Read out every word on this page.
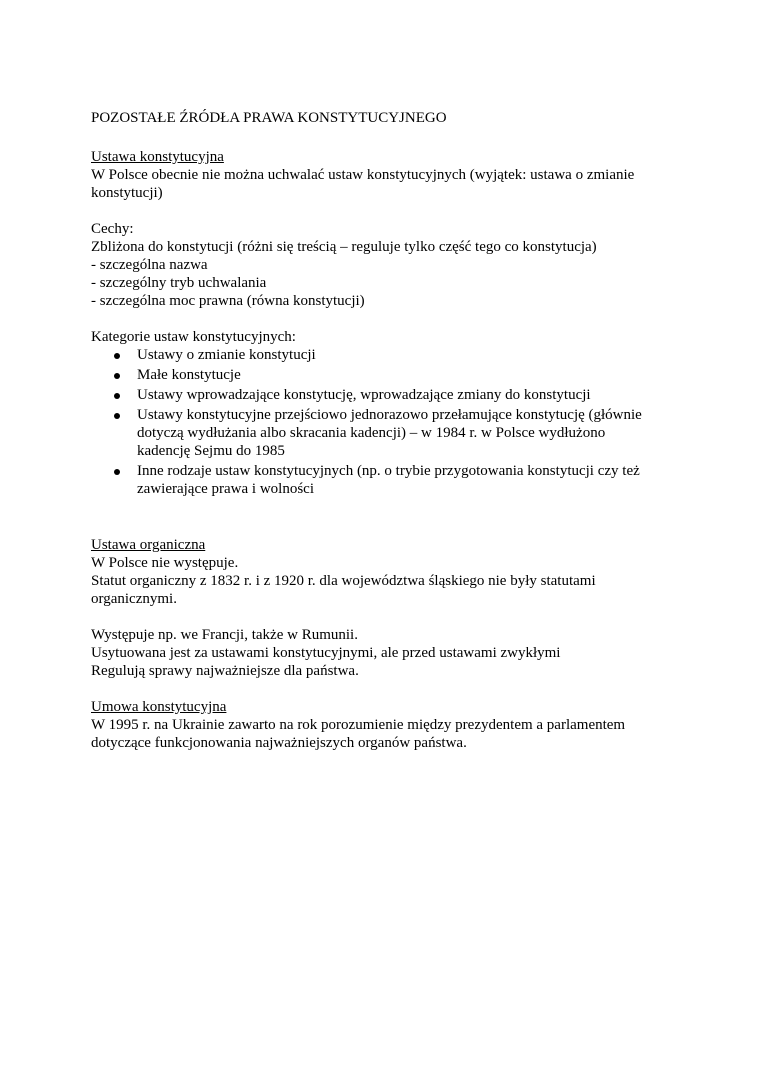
POZOSTAŁE ŹRÓDŁA PRAWA KONSTYTUCYJNEGO
Ustawa konstytucyjna
W Polsce obecnie nie można uchwalać ustaw konstytucyjnych (wyjątek: ustawa o zmianie konstytucji)
Cechy:
Zbliżona do konstytucji (różni się treścią – reguluje tylko część tego co konstytucja)
- szczególna nazwa
- szczególny tryb uchwalania
- szczególna moc prawna (równa konstytucji)
Kategorie ustaw konstytucyjnych:
Ustawy o zmianie konstytucji
Małe konstytucje
Ustawy wprowadzające konstytucję, wprowadzające zmiany do konstytucji
Ustawy konstytucyjne przejściowo jednorazowo przełamujące konstytucję (głównie dotyczą wydłużania albo skracania kadencji) – w 1984 r. w Polsce wydłużono kadencję Sejmu do 1985
Inne rodzaje ustaw konstytucyjnych (np. o trybie przygotowania konstytucji czy też zawierające prawa i wolności
Ustawa organiczna
W Polsce nie występuje.
Statut organiczny z 1832 r. i z 1920 r. dla województwa śląskiego nie były statutami organicznymi.
Występuje np. we Francji, także w Rumunii.
Usytuowana jest za ustawami konstytucyjnymi, ale przed ustawami zwykłymi
Regulują sprawy najważniejsze dla państwa.
Umowa konstytucyjna
W 1995 r. na Ukrainie zawarto na rok porozumienie między prezydentem a parlamentem dotyczące funkcjonowania najważniejszych organów państwa.
